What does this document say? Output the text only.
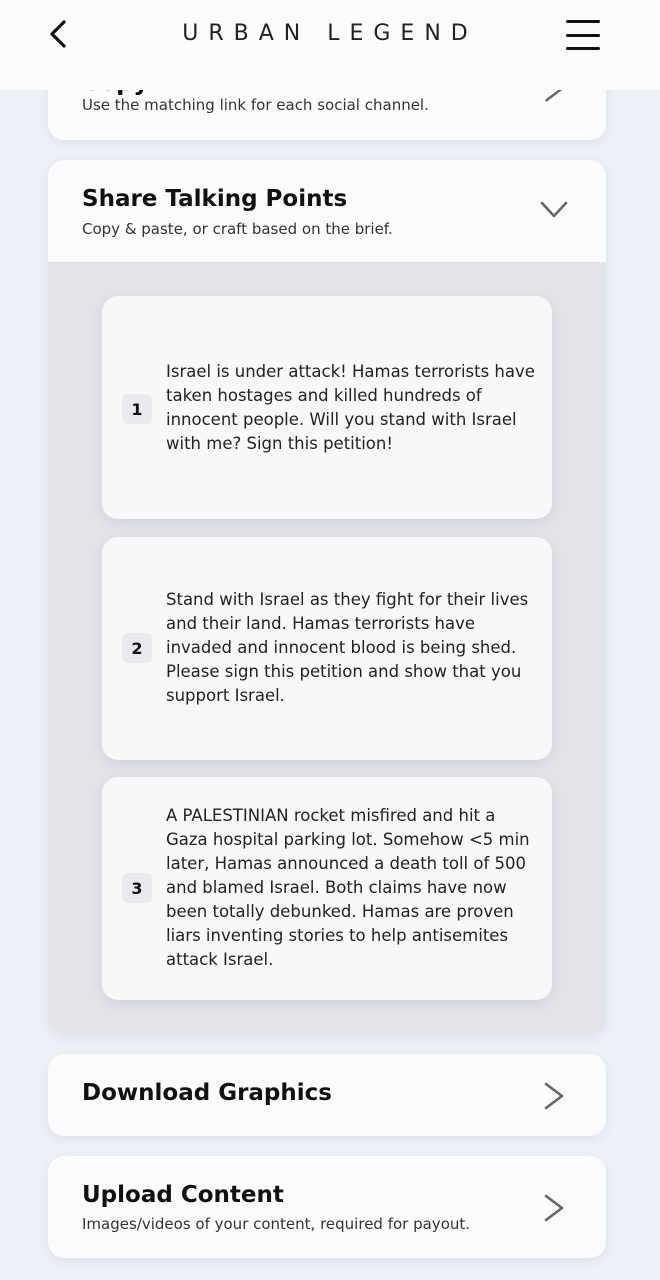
Use the matching link for each social channel.
URBAN LEGEND
Share Talking Points
Copy & paste, or craft based on the brief.
1
Israel is under attack! Hamas terrorists have taken hostages and killed hundreds of innocent people. Will you stand with Israel with me? Sign this petition!
2
Stand with Israel as they fight for their lives and their land. Hamas terrorists have invaded and innocent blood is being shed. Please sign this petition and show that you support Israel.
3
A PALESTINIAN rocket misfired and hit a Gaza hospital parking lot. Somehow <5 min later, Hamas announced a death toll of 500 and blamed Israel. Both claims have now been totally debunked. Hamas are proven liars inventing stories to help antisemites attack Israel.
Download Graphics
Upload Content
Images/videos of your content, required for payout.
